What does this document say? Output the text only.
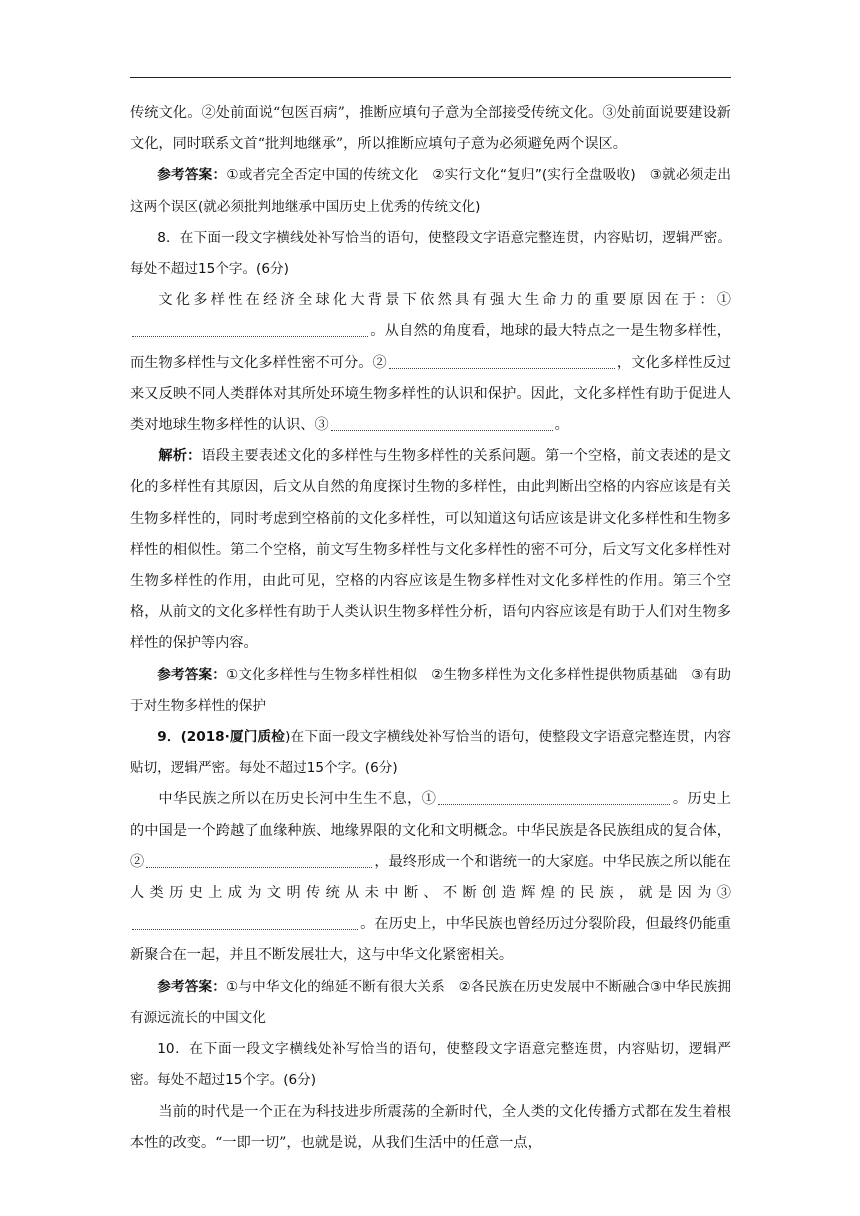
传统文化。②处前面说“包医百病”，推断应填句子意为全部接受传统文化。③处前面说要建设新文化，同时联系文首“批判地继承”，所以推断应填句子意为必须避免两个误区。

参考答案：①或者完全否定中国的传统文化　②实行文化“复归”(实行全盘吸收)　③就必须走出这两个误区(就必须批判地继承中国历史上优秀的传统文化)

8．在下面一段文字横线处补写恰当的语句，使整段文字语意完整连贯，内容贴切，逻辑严密。每处不超过15个字。(6分)

文化多样性在经济全球化大背景下依然具有强大生命力的重要原因在于：①。从自然的角度看，地球的最大特点之一是生物多样性，而生物多样性与文化多样性密不可分。②	，文化多样性反过来又反映不同人类群体对其所处环境生物多样性的认识和保护。因此，文化多样性有助于促进人类对地球生物多样性的认识、③	。

解析：语段主要表述文化的多样性与生物多样性的关系问题。第一个空格，前文表述的是文化的多样性有其原因，后文从自然的角度探讨生物的多样性，由此判断出空格的内容应该是有关生物多样性的，同时考虑到空格前的文化多样性，可以知道这句话应该是讲文化多样性和生物多样性的相似性。第二个空格，前文写生物多样性与文化多样性的密不可分，后文写文化多样性对生物多样性的作用，由此可见，空格的内容应该是生物多样性对文化多样性的作用。第三个空格，从前文的文化多样性有助于人类认识生物多样性分析，语句内容应该是有助于人们对生物多样性的保护等内容。

参考答案：①文化多样性与生物多样性相似　②生物多样性为文化多样性提供物质基础　③有助于对生物多样性的保护

9．(2018·厦门质检)在下面一段文字横线处补写恰当的语句，使整段文字语意完整连贯，内容贴切，逻辑严密。每处不超过15个字。(6分)

中华民族之所以在历史长河中生生不息，①	。历史上的中国是一个跨越了血缘种族、地缘界限的文化和文明概念。中华民族是各民族组成的复合体，②	，最终形成一个和谐统一的大家庭。中华民族之所以能在人类历史上成为文明传统从未中断、不断创造辉煌的民族，就是因为③。在历史上，中华民族也曾经历过分裂阶段，但最终仍能重新聚合在一起，并且不断发展壮大，这与中华文化紧密相关。

参考答案：①与中华文化的绵延不断有很大关系　②各民族在历史发展中不断融合③中华民族拥有源远流长的中国文化

10．在下面一段文字横线处补写恰当的语句，使整段文字语意完整连贯，内容贴切，逻辑严密。每处不超过15个字。(6分)

当前的时代是一个正在为科技进步所震荡的全新时代，全人类的文化传播方式都在发生着根本性的改变。“一即一切”，也就是说，从我们生活中的任意一点，
